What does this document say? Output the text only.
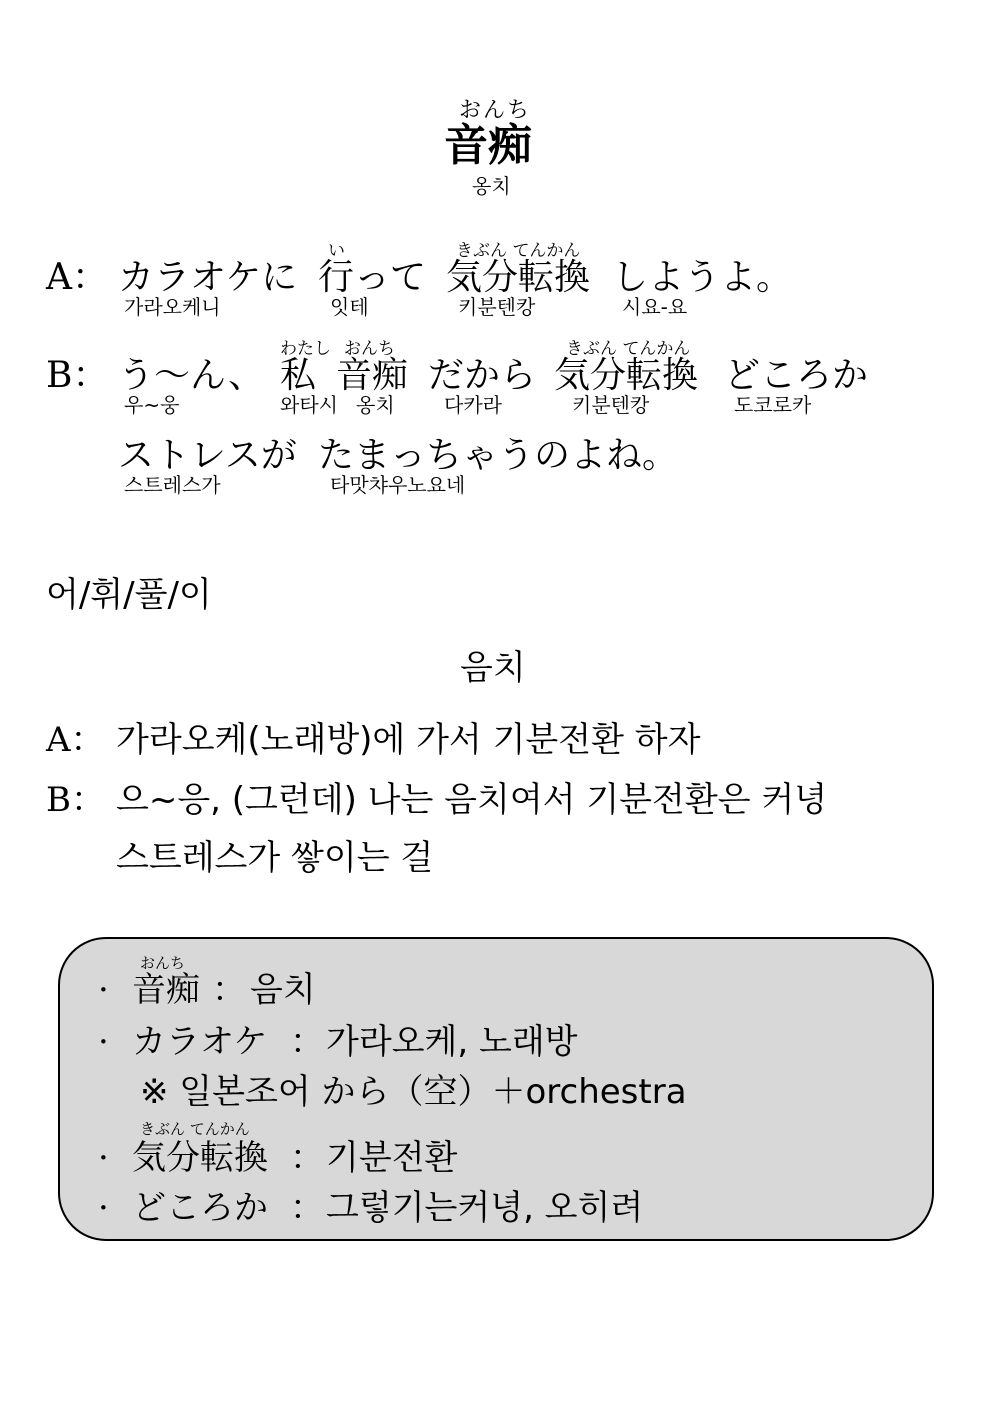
おんち
音痴
옹치
A： カラオケに
가라오케니
い
行って
잇테
きぶん てんかん
気分転換
키분텐캉
しようよ。
시요-요
B： う～ん、
우~웅
わたし
私
와타시
おんち
音痴
옹치
だから
다카라
きぶん てんかん
気分転換
키분텐캉
どころか
도코로카
ストレスが
스트레스가
たまっちゃうのよね。
타맛챠우노요네
어/휘/풀/이
음치
A： 가라오케(노래방)에 가서 기분전환 하자
B： 으~응, (그런데) 나는 음치여서 기분전환은 커녕
스트레스가 쌓이는 걸
·
おんち
音痴 ： 음치
· カラオケ ： 가라오케, 노래방
※ 일본조어 から（空）＋orchestra
·
きぶん てんかん
気分転換 ： 기분전환
· どころか ： 그렇기는커녕, 오히려
